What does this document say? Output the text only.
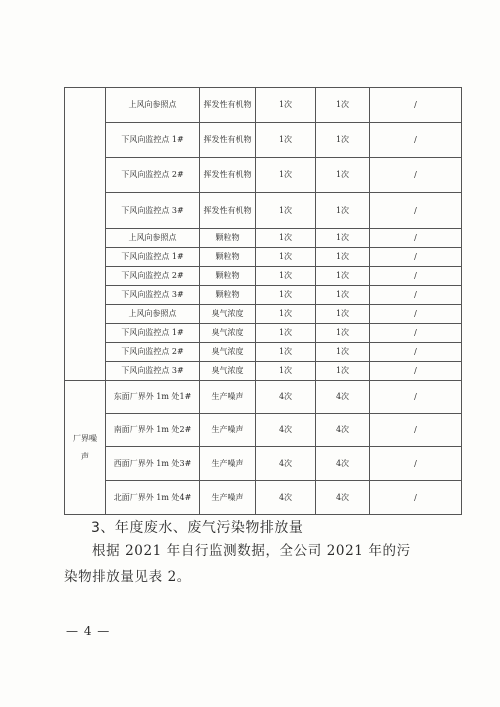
	上风向参照点	挥发性有机物	1次	1次	/
	下风向监控点 1#	挥发性有机物	1次	1次	/
	下风向监控点 2#	挥发性有机物	1次	1次	/
	下风向监控点 3#	挥发性有机物	1次	1次	/
	上风向参照点	颗粒物	1次	1次	/
	下风向监控点 1#	颗粒物	1次	1次	/
	下风向监控点 2#	颗粒物	1次	1次	/
	下风向监控点 3#	颗粒物	1次	1次	/
	上风向参照点	臭气浓度	1次	1次	/
	下风向监控点 1#	臭气浓度	1次	1次	/
	下风向监控点 2#	臭气浓度	1次	1次	/
	下风向监控点 3#	臭气浓度	1次	1次	/
厂界噪声	东面厂界外 1m 处1#	生产噪声	4次	4次	/
	南面厂界外 1m 处2#	生产噪声	4次	4次	/
	西面厂界外 1m 处3#	生产噪声	4次	4次	/
	北面厂界外 1m 处4#	生产噪声	4次	4次	/
3、年度废水、废气污染物排放量

根据 2021 年自行监测数据，全公司 2021 年的污染物排放量见表 2。

— 4 —
